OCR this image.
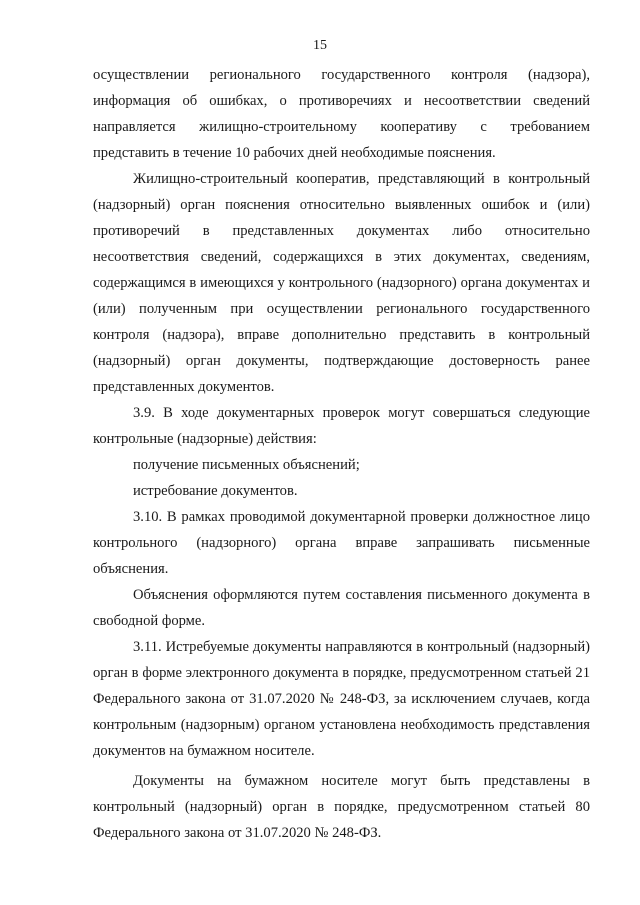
15

осуществлении регионального государственного контроля (надзора), информация об ошибках, о противоречиях и несоответствии сведений направляется жилищно-строительному кооперативу с требованием представить в течение 10 рабочих дней необходимые пояснения.

Жилищно-строительный кооператив, представляющий в контрольный (надзорный) орган пояснения относительно выявленных ошибок и (или) противоречий в представленных документах либо относительно несоответствия сведений, содержащихся в этих документах, сведениям, содержащимся в имеющихся у контрольного (надзорного) органа документах и (или) полученным при осуществлении регионального государственного контроля (надзора), вправе дополнительно представить в контрольный (надзорный) орган документы, подтверждающие достоверность ранее представленных документов.

3.9. В ходе документарных проверок могут совершаться следующие контрольные (надзорные) действия:

получение письменных объяснений;

истребование документов.

3.10. В рамках проводимой документарной проверки должностное лицо контрольного (надзорного) органа вправе запрашивать письменные объяснения.

Объяснения оформляются путем составления письменного документа в свободной форме.

3.11. Истребуемые документы направляются в контрольный (надзорный) орган в форме электронного документа в порядке, предусмотренном статьей 21 Федерального закона от 31.07.2020 № 248-ФЗ, за исключением случаев, когда контрольным (надзорным) органом установлена необходимость представления документов на бумажном носителе.

Документы на бумажном носителе могут быть представлены в контрольный (надзорный) орган в порядке, предусмотренном статьей 80 Федерального закона от 31.07.2020 № 248-ФЗ.
